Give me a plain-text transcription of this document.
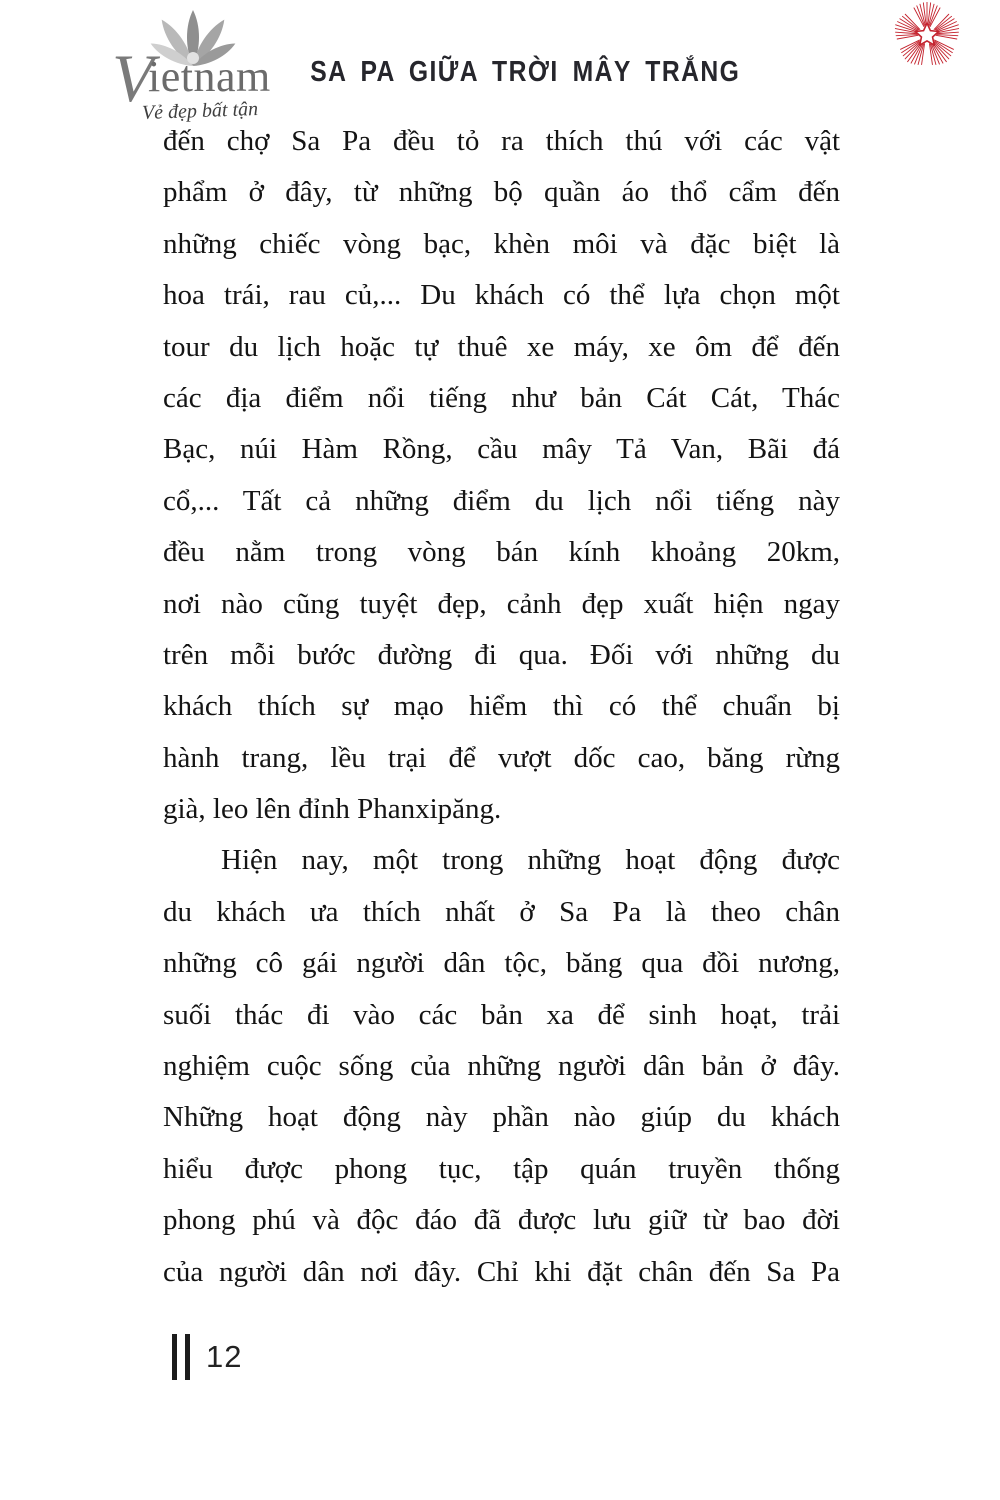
Vietnam
Vẻ đẹp bất tận
SA PA GIỮA TRỜI MÂY TRẮNG
đến chợ Sa Pa đều tỏ ra thích thú với các vật
phẩm ở đây, từ những bộ quần áo thổ cẩm đến
những chiếc vòng bạc, khèn môi và đặc biệt là
hoa trái, rau củ,... Du khách có thể lựa chọn một
tour du lịch hoặc tự thuê xe máy, xe ôm để đến
các địa điểm nổi tiếng như bản Cát Cát, Thác
Bạc, núi Hàm Rồng, cầu mây Tả Van, Bãi đá
cổ,... Tất cả những điểm du lịch nổi tiếng này
đều nằm trong vòng bán kính khoảng 20km,
nơi nào cũng tuyệt đẹp, cảnh đẹp xuất hiện ngay
trên mỗi bước đường đi qua. Đối với những du
khách thích sự mạo hiểm thì có thể chuẩn bị
hành trang, lều trại để vượt dốc cao, băng rừng
già, leo lên đỉnh Phanxipăng.
Hiện nay, một trong những hoạt động được
du khách ưa thích nhất ở Sa Pa là theo chân
những cô gái người dân tộc, băng qua đồi nương,
suối thác đi vào các bản xa để sinh hoạt, trải
nghiệm cuộc sống của những người dân bản ở đây.
Những hoạt động này phần nào giúp du khách
hiểu được phong tục, tập quán truyền thống
phong phú và độc đáo đã được lưu giữ từ bao đời
của người dân nơi đây. Chỉ khi đặt chân đến Sa Pa
12
